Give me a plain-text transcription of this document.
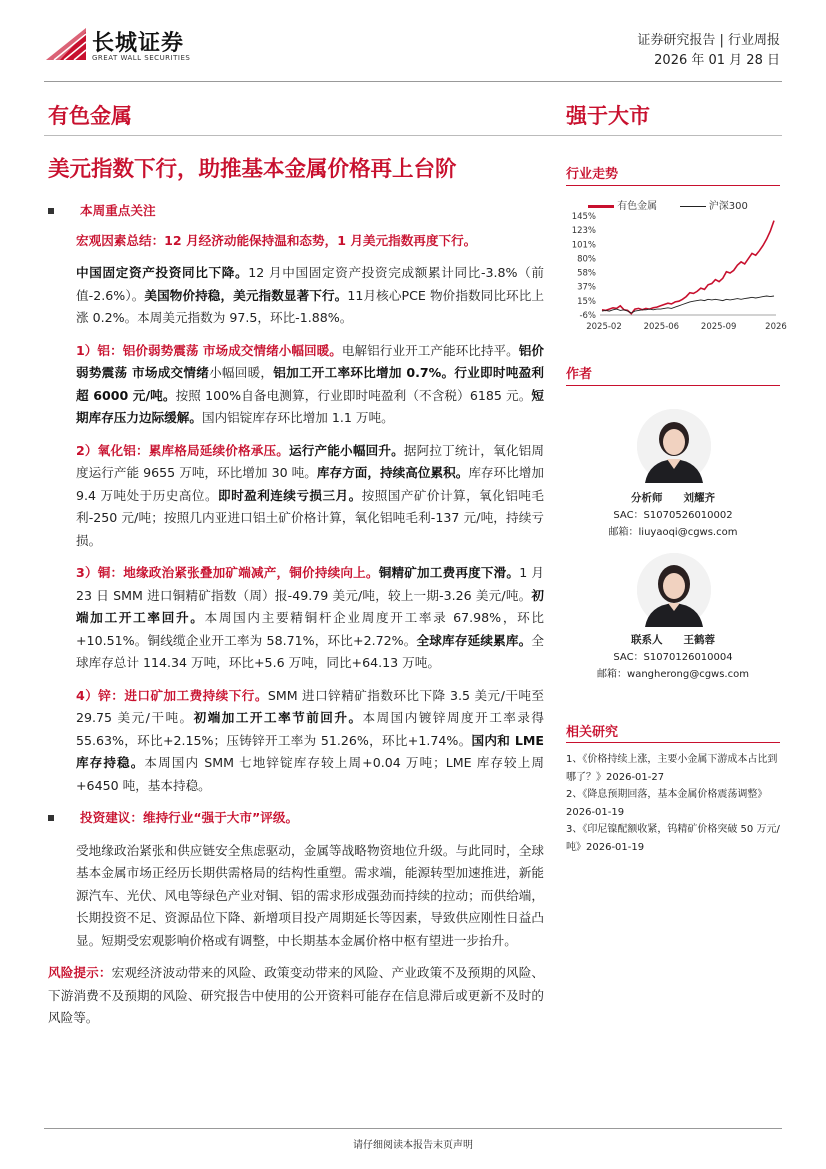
长城证券
GREAT WALL SECURITIES
证券研究报告 | 行业周报
2026 年 01 月 28 日
有色金属	强于大市
美元指数下行，助推基本金属价格再上台阶

本周重点关注

宏观因素总结：12 月经济动能保持温和态势，1 月美元指数再度下行。

中国固定资产投资同比下降。12 月中国固定资产投资完成额累计同比-3.8%（前值-2.6%）。美国物价持稳，美元指数显著下行。11月核心PCE 物价指数同比环比上涨 0.2%。本周美元指数为 97.5，环比-1.88%。

1）铝：铝价弱势震荡 市场成交情绪小幅回暖。电解铝行业开工产能环比持平。铝价弱势震荡 市场成交情绪小幅回暖，铝加工开工率环比增加 0.7%。行业即时吨盈利超 6000 元/吨。按照 100%自备电测算，行业即时吨盈利（不含税）6185 元。短期库存压力边际缓解。国内铝锭库存环比增加 1.1 万吨。

2）氧化铝：累库格局延续价格承压。运行产能小幅回升。据阿拉丁统计，氧化铝周度运行产能 9655 万吨，环比增加 30 吨。库存方面，持续高位累积。库存环比增加 9.4 万吨处于历史高位。即时盈利连续亏损三月。按照国产矿价计算，氧化铝吨毛利-250 元/吨；按照几内亚进口铝土矿价格计算，氧化铝吨毛利-137 元/吨，持续亏损。

3）铜：地缘政治紧张叠加矿端减产，铜价持续向上。铜精矿加工费再度下滑。1 月 23 日 SMM 进口铜精矿指数（周）报-49.79 美元/吨，较上一期-3.26 美元/吨。初端加工开工率回升。本周国内主要精铜杆企业周度开工率录 67.98%，环比+10.51%。铜线缆企业开工率为 58.71%，环比+2.72%。全球库存延续累库。全球库存总计 114.34 万吨，环比+5.6 万吨，同比+64.13 万吨。

4）锌：进口矿加工费持续下行。SMM 进口锌精矿指数环比下降 3.5 美元/干吨至 29.75 美元/干吨。初端加工开工率节前回升。本周国内镀锌周度开工率录得 55.63%，环比+2.15%；压铸锌开工率为 51.26%，环比+1.74%。国内和 LME 库存持稳。本周国内 SMM 七地锌锭库存较上周+0.04 万吨；LME 库存较上周+6450 吨，基本持稳。

投资建议：维持行业“强于大市”评级。

受地缘政治紧张和供应链安全焦虑驱动，金属等战略物资地位升级。与此同时，全球基本金属市场正经历长期供需格局的结构性重塑。需求端，能源转型加速推进，新能源汽车、光伏、风电等绿色产业对铜、铝的需求形成强劲而持续的拉动；而供给端，长期投资不足、资源品位下降、新增项目投产周期延长等因素，导致供应刚性日益凸显。短期受宏观影响价格或有调整，中长期基本金属价格中枢有望进一步抬升。

风险提示：宏观经济波动带来的风险、政策变动带来的风险、产业政策不及预期的风险、下游消费不及预期的风险、研究报告中使用的公开资料可能存在信息滞后或更新不及时的风险等。

行业走势
有色金属	沪深300
145%
123%
101%
80%
58%
37%
15%
-6%
2025-02	2025-06	2025-09	2026
作者
分析师　　刘耀齐
SAC：S1070526010002
邮箱：liuyaoqi@cgws.com
联系人　　王鹤蓉
SAC：S1070126010004
邮箱：wangherong@cgws.com
相关研究
1、《价格持续上涨，主要小金属下游成本占比到哪了？》2026-01-27
2、《降息预期回落，基本金属价格震荡调整》2026-01-19
3、《印尼镍配额收紧，钨精矿价格突破 50 万元/吨》2026-01-19
请仔细阅读本报告末页声明
